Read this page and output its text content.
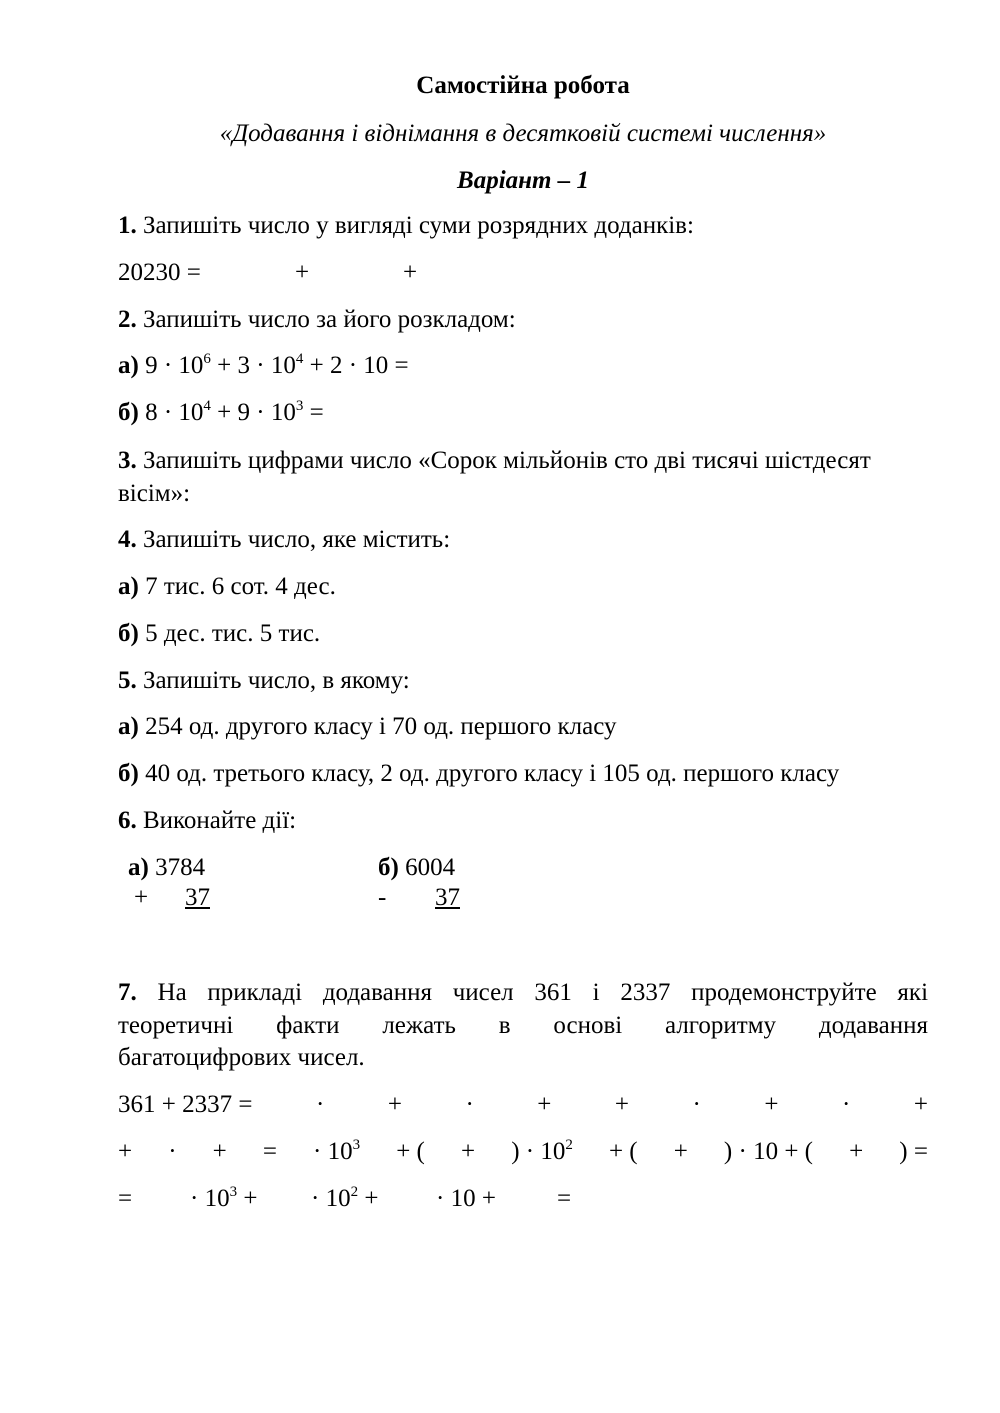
Самостійна робота
«Додавання і віднімання в десятковій системі числення»
Варіант – 1
1. Запишіть число у вигляді суми розрядних доданків:
20230 =	+	+
2. Запишіть число за його розкладом:
а) $9 \cdot 10^6 + 3 \cdot 10^4 + 2 \cdot 10$ =
б) $8 \cdot 10^4 + 9 \cdot 10^3$ =
3. Запишіть цифрами число «Сорок мільйонів сто дві тисячі шістдесят
вісім»:
4. Запишіть число, яке містить:
а) 7 тис. 6 сот. 4 дес.
б) 5 дес. тис. 5 тис.
5. Запишіть число, в якому:
а) 254 од. другого класу і 70 од. першого класу
б) 40 од. третього класу, 2 од. другого класу і 105 од. першого класу
6. Виконайте дії:
а) 3784
+	37
б) 6004
-	37
7. На прикладі додавання чисел 361 і 2337 продемонструйте які
теоретичні факти лежать в основі алгоритму додавання
багатоцифрових чисел.
361 + 2337 =	·	+	·	+	+	·	+	·	+
+ · + = · $10^3$ + ( + ) · $10^2$ + ( + ) · 10 + ( + ) =
= · $10^3$ + · $10^2$ + · 10 + =
